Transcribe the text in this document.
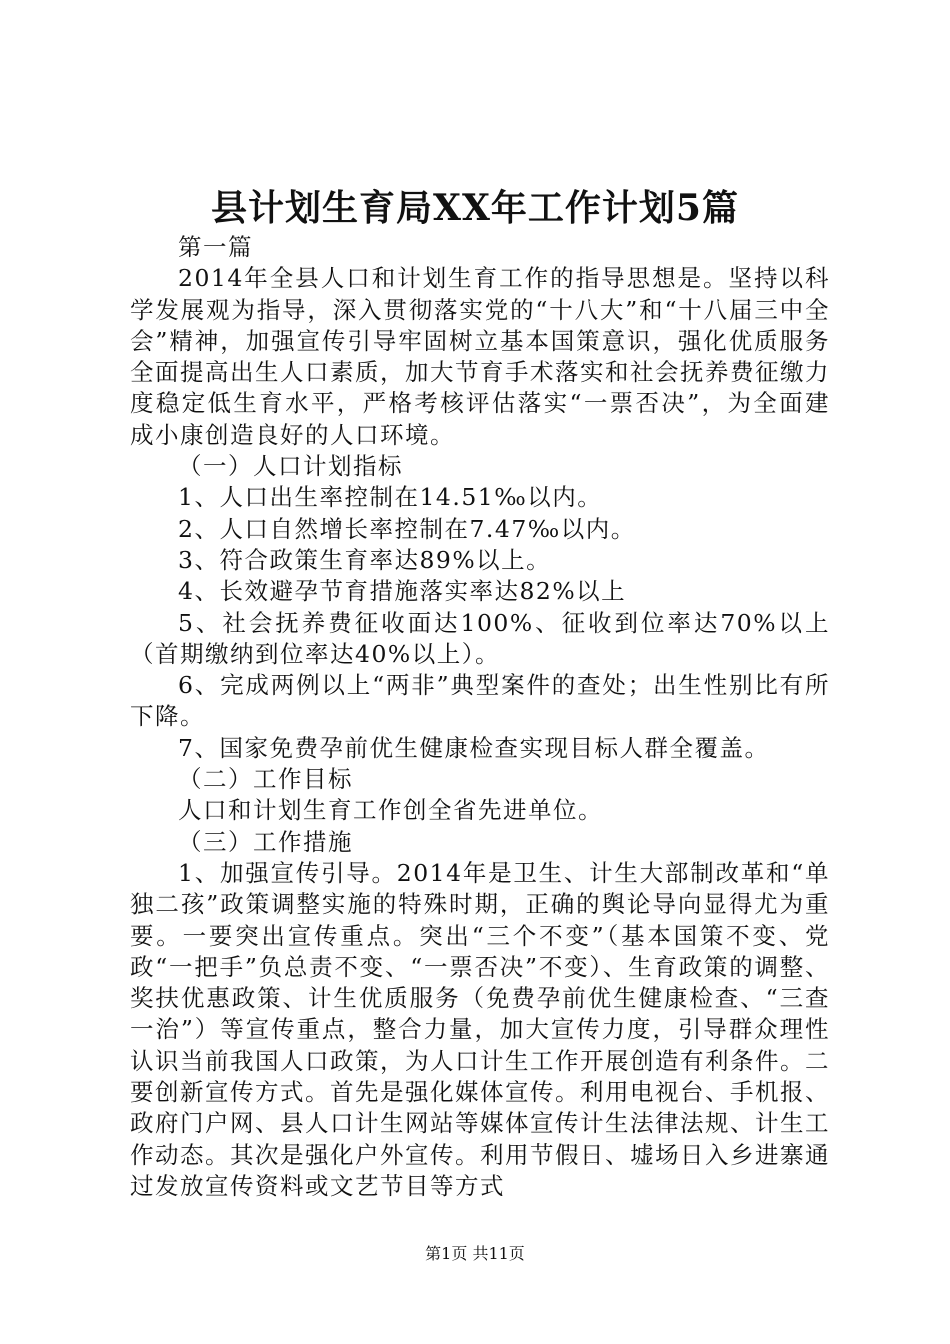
县计划生育局XX年工作计划5篇

第一篇

2014年全县人口和计划生育工作的指导思想是。坚持以科学发展观为指导，深入贯彻落实党的“十八大”和“十八届三中全会”精神，加强宣传引导牢固树立基本国策意识，强化优质服务全面提高出生人口素质，加大节育手术落实和社会抚养费征缴力度稳定低生育水平，严格考核评估落实“一票否决”，为全面建成小康创造良好的人口环境。

（一）人口计划指标

1、人口出生率控制在14.51‰以内。

2、人口自然增长率控制在7.47‰以内。

3、符合政策生育率达89%以上。

4、长效避孕节育措施落实率达82%以上

5、社会抚养费征收面达100%、征收到位率达70%以上（首期缴纳到位率达40%以上）。

6、完成两例以上“两非”典型案件的查处；出生性别比有所下降。

7、国家免费孕前优生健康检查实现目标人群全覆盖。

（二）工作目标

人口和计划生育工作创全省先进单位。

（三）工作措施

1、加强宣传引导。2014年是卫生、计生大部制改革和“单独二孩”政策调整实施的特殊时期，正确的舆论导向显得尤为重要。一要突出宣传重点。突出“三个不变”（基本国策不变、党政“一把手”负总责不变、“一票否决”不变）、生育政策的调整、奖扶优惠政策、计生优质服务（免费孕前优生健康检查、“三查一治”）等宣传重点，整合力量，加大宣传力度，引导群众理性认识当前我国人口政策，为人口计生工作开展创造有利条件。二要创新宣传方式。首先是强化媒体宣传。利用电视台、手机报、政府门户网、县人口计生网站等媒体宣传计生法律法规、计生工作动态。其次是强化户外宣传。利用节假日、墟场日入乡进寨通过发放宣传资料或文艺节目等方式

第1页 共11页
